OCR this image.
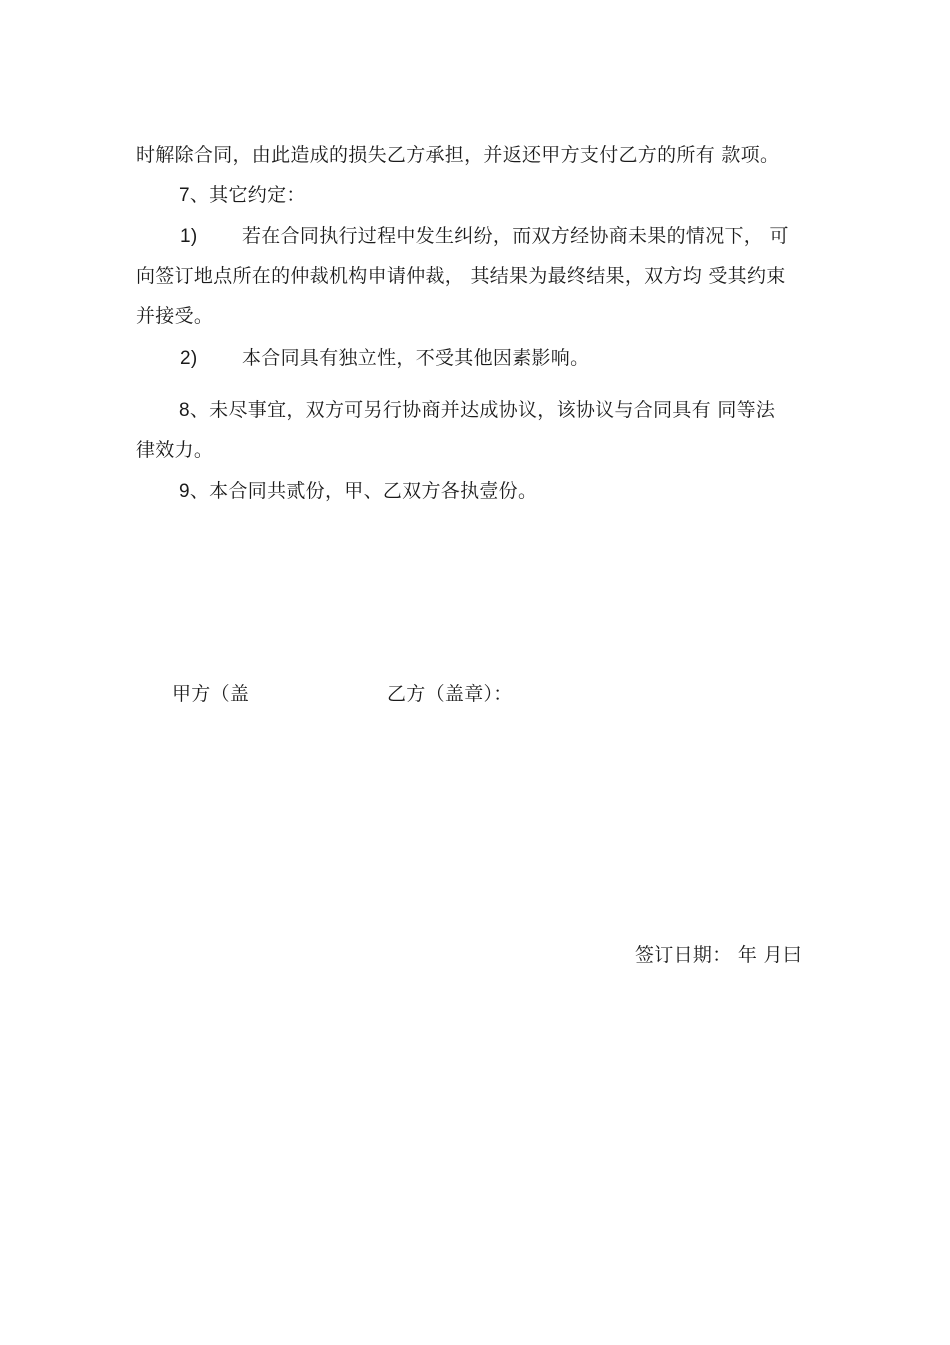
时解除合同，由此造成的损失乙方承担，并返还甲方支付乙方的所有 款项。
7、其它约定：
1) 若在合同执行过程中发生纠纷，而双方经协商未果的情况下， 可
向签订地点所在的仲裁机构申请仲裁， 其结果为最终结果，双方均 受其约束
并接受。
2) 本合同具有独立性，不受其他因素影响。
8、未尽事宜，双方可另行协商并达成协议，该协议与合同具有 同等法
律效力。
9、本合同共贰份，甲、乙双方各执壹份。
甲方（盖	乙方（盖章）：
签订日期： 年 月曰
